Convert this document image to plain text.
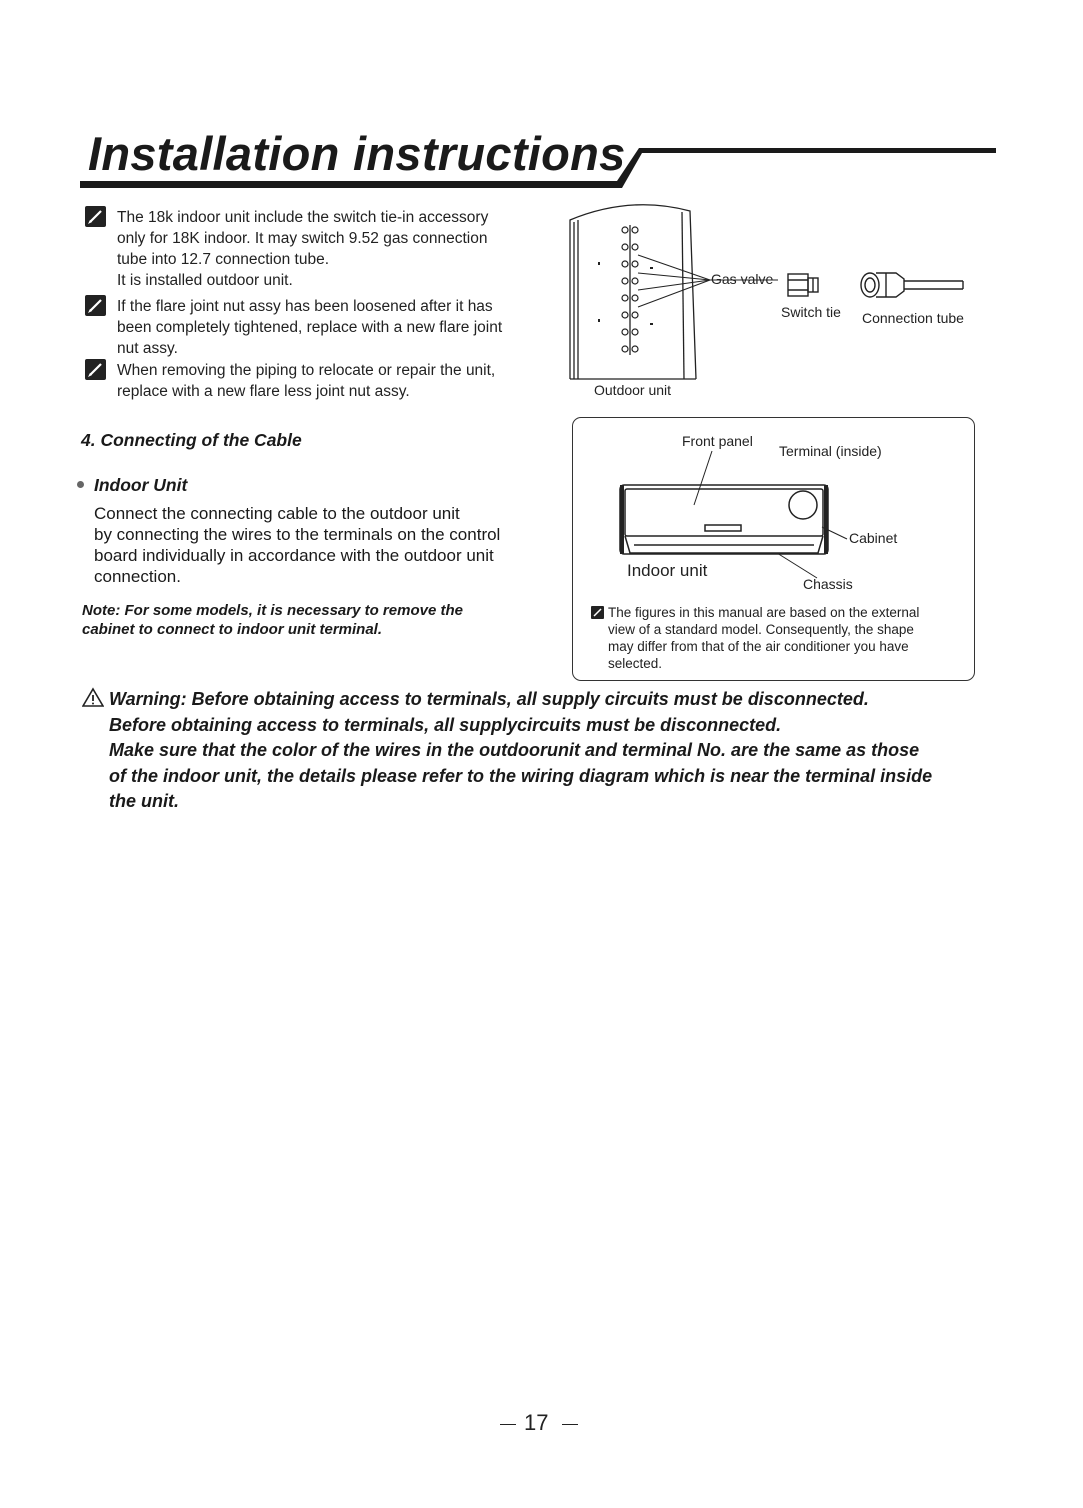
Installation instructions
The 18k indoor unit include the switch tie-in accessory
only for 18K indoor. It may switch 9.52 gas connection
tube into 12.7 connection tube.
It is installed outdoor unit.
If the flare joint nut assy has been loosened after it has
been completely tightened, replace with a new flare joint
nut assy.
When removing the piping to relocate or repair the unit,
replace with a new flare less joint nut assy.
Gas valve
Switch tie Connection tube
Outdoor unit
4. Connecting of the Cable
Indoor Unit
Connect the connecting cable to the outdoor unit
by connecting the wires to the terminals on the control
board individually in accordance with the outdoor unit
connection.
Note: For some models, it is necessary to remove the
cabinet to connect to indoor unit terminal.
Front panel
Terminal (inside)
Cabinet
Indoor unit
Chassis
The figures in this manual are based on the external
view of a standard model. Consequently, the shape
may differ from that of the air conditioner you have
selected.
Warning: Before obtaining access to terminals, all supply circuits must be disconnected.
Before obtaining access to terminals, all supplycircuits must be disconnected.
Make sure that the color of the wires in the outdoorunit and terminal No. are the same as those
of the indoor unit, the details please refer to the wiring diagram which is near the terminal inside
the unit.
17
